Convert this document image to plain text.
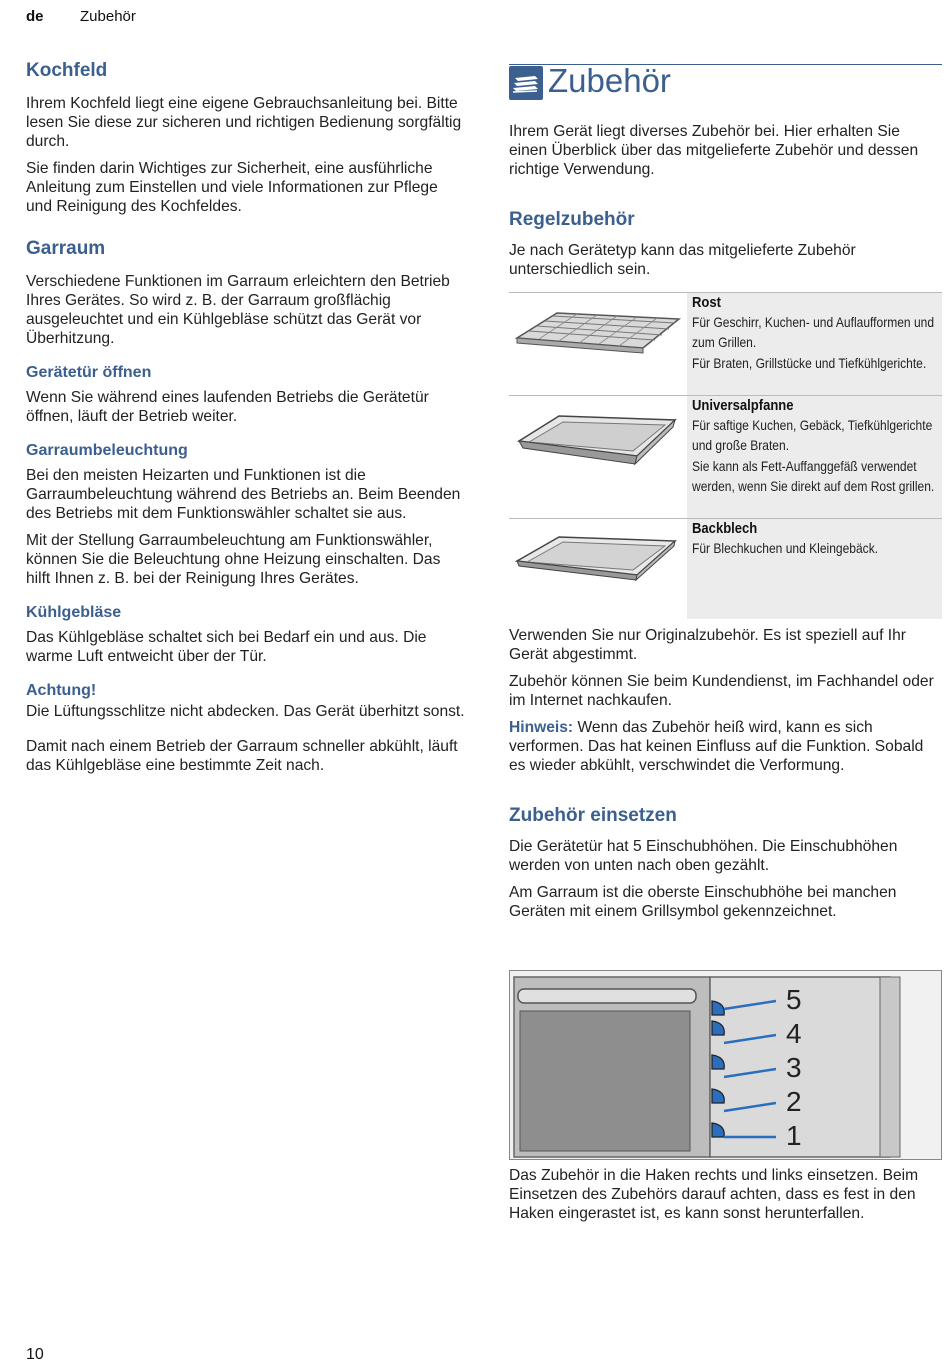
de Zubehör
Kochfeld

Ihrem Kochfeld liegt eine eigene Gebrauchsanleitung bei. Bitte lesen Sie diese zur sicheren und richtigen Bedienung sorgfältig durch.

Sie finden darin Wichtiges zur Sicherheit, eine ausführliche Anleitung zum Einstellen und viele Informationen zur Pflege und Reinigung des Kochfeldes.

Garraum

Verschiedene Funktionen im Garraum erleichtern den Betrieb Ihres Gerätes. So wird z. B. der Garraum großflächig ausgeleuchtet und ein Kühlgebläse schützt das Gerät vor Überhitzung.

Gerätetür öffnen

Wenn Sie während eines laufenden Betriebs die Gerätetür öffnen, läuft der Betrieb weiter.

Garraumbeleuchtung

Bei den meisten Heizarten und Funktionen ist die Garraumbeleuchtung während des Betriebs an. Beim Beenden des Betriebs mit dem Funktionswähler schaltet sie aus.

Mit der Stellung Garraumbeleuchtung am Funktionswähler, können Sie die Beleuchtung ohne Heizung einschalten. Das hilft Ihnen z. B. bei der Reinigung Ihres Gerätes.

Kühlgebläse

Das Kühlgebläse schaltet sich bei Bedarf ein und aus. Die warme Luft entweicht über der Tür.

Achtung!

Die Lüftungsschlitze nicht abdecken. Das Gerät überhitzt sonst.

Damit nach einem Betrieb der Garraum schneller abkühlt, läuft das Kühlgebläse eine bestimmte Zeit nach.

Zubehör

Ihrem Gerät liegt diverses Zubehör bei. Hier erhalten Sie einen Überblick über das mitgelieferte Zubehör und dessen richtige Verwendung.

Regelzubehör

Je nach Gerätetyp kann das mitgelieferte Zubehör unterschiedlich sein.

Rost
Für Geschirr, Kuchen- und Auflaufformen und zum Grillen.
Für Braten, Grillstücke und Tiefkühlgerichte.
Universalpfanne
Für saftige Kuchen, Gebäck, Tiefkühlgerichte und große Braten.
Sie kann als Fett-Auffanggefäß verwendet werden, wenn Sie direkt auf dem Rost grillen.
Backblech
Für Blechkuchen und Kleingebäck.

Verwenden Sie nur Originalzubehör. Es ist speziell auf Ihr Gerät abgestimmt.

Zubehör können Sie beim Kundendienst, im Fachhandel oder im Internet nachkaufen.

Hinweis: Wenn das Zubehör heiß wird, kann es sich verformen. Das hat keinen Einfluss auf die Funktion. Sobald es wieder abkühlt, verschwindet die Verformung.

Zubehör einsetzen

Die Gerätetür hat 5 Einschubhöhen. Die Einschubhöhen werden von unten nach oben gezählt.

Am Garraum ist die oberste Einschubhöhe bei manchen Geräten mit einem Grillsymbol gekennzeichnet.

5
4
3
2
1

Das Zubehör in die Haken rechts und links einsetzen. Beim Einsetzen des Zubehörs darauf achten, dass es fest in den Haken eingerastet ist, es kann sonst herunterfallen.

10
